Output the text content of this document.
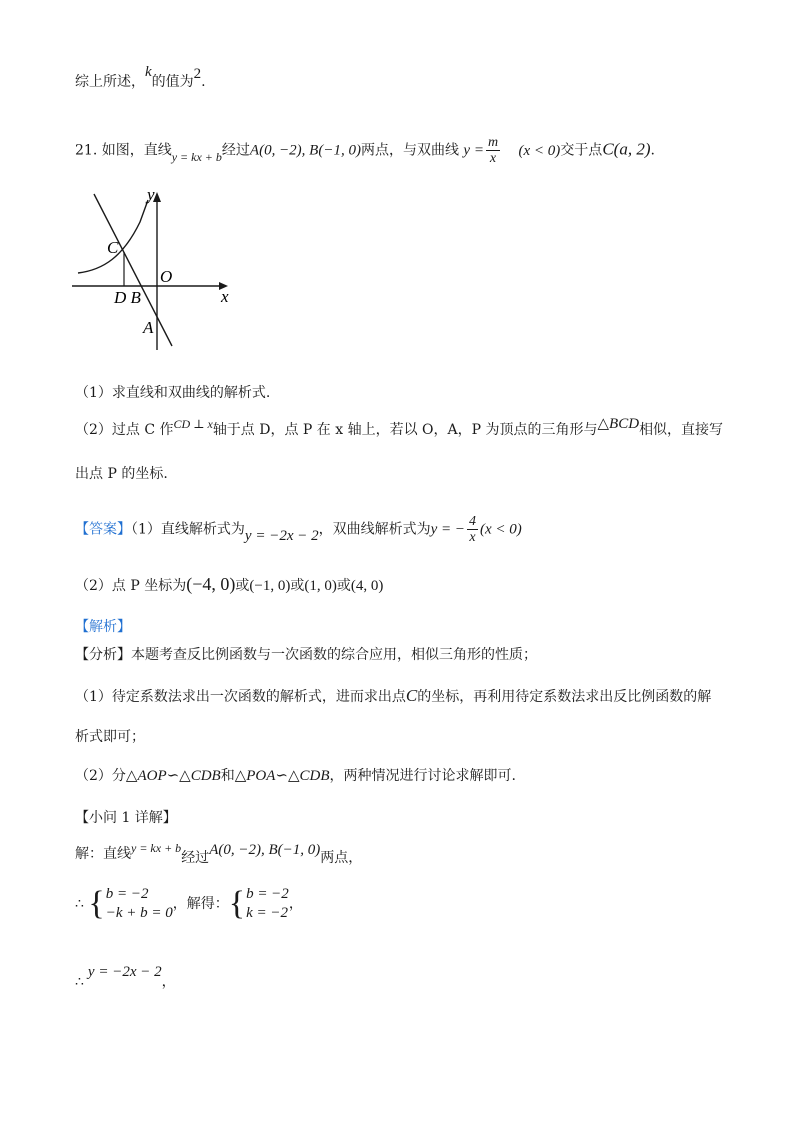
综上所述，k的值为2.
21. 如图，直线y = kx + b经过A(0, −2), B(−1, 0)两点，与双曲线 $y = \frac{m}{x} (x < 0)$交于点C(a, 2).
y
C
O
D B	x
A
（1）求直线和双曲线的解析式.
（2）过点 C 作CD ⊥ x轴于点 D，点 P 在 x 轴上，若以 O，A，P 为顶点的三角形与△BCD相似，直接写
出点 P 的坐标.
【答案】（1）直线解析式为y = −2x − 2，双曲线解析式为y = − $\frac{4}{x} (x < 0)$
（2）点 P 坐标为(−4, 0)或(−1, 0)或(1, 0)或(4, 0)
【解析】
【分析】本题考查反比例函数与一次函数的综合应用，相似三角形的性质；
（1）待定系数法求出一次函数的解析式，进而求出点C的坐标，再利用待定系数法求出反比例函数的解
析式即可；
（2）分△AOP∽△CDB和△POA∽△CDB，两种情况进行讨论求解即可.
【小问 1 详解】
解：直线y = kx + b经过A(0, −2), B(−1, 0)两点，
∴ { b = −2
−k + b = 0
，解得：{ b = −2
k = −2
，
∴y = −2x − 2，
